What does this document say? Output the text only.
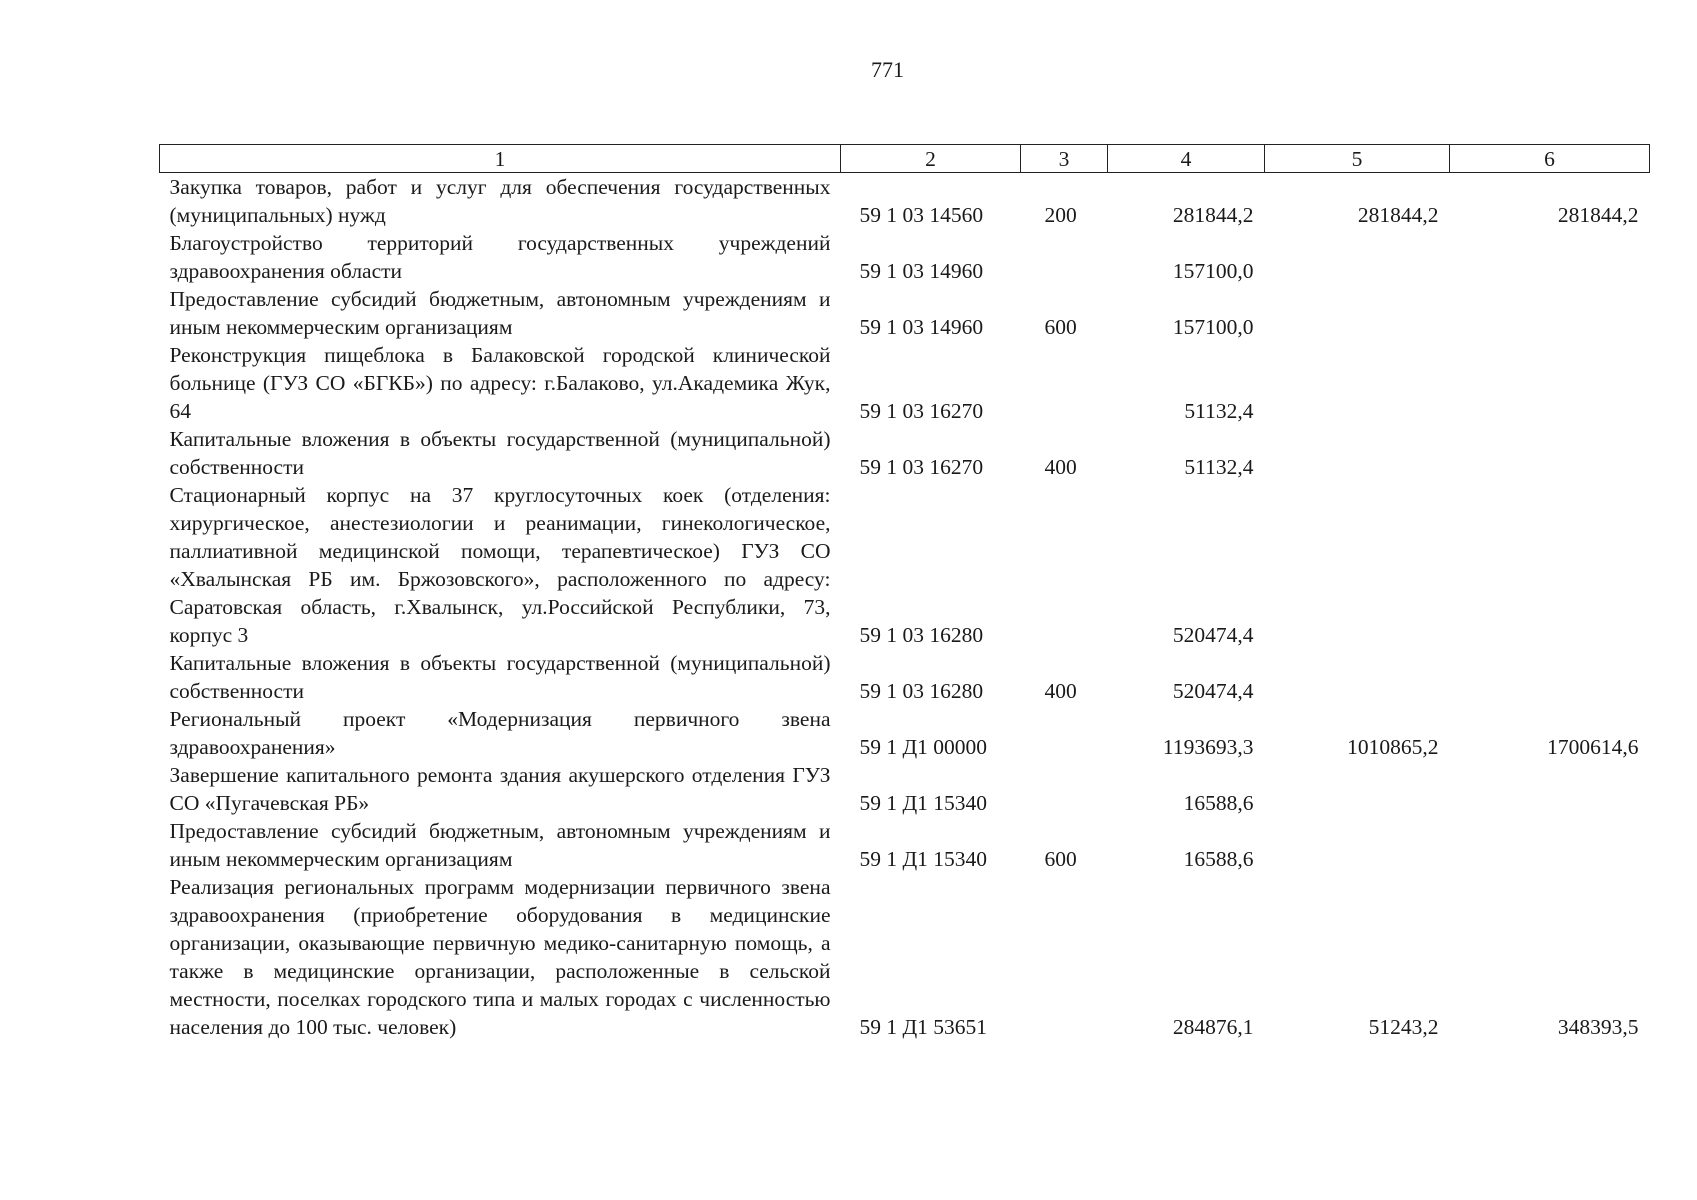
771
1	2	3	4	5	6
Закупка товаров, работ и услуг для обеспечения государственных (муниципальных) нужд	59 1 03 14560	200	281844,2	281844,2	281844,2
Благоустройство территорий государственных учреждений здравоохранения области	59 1 03 14960		157100,0		
Предоставление субсидий бюджетным, автономным учреждениям и иным некоммерческим организациям	59 1 03 14960	600	157100,0		
Реконструкция пищеблока в Балаковской городской клинической больнице (ГУЗ СО «БГКБ») по адресу: г.Балаково, ул.Академика Жук, 64	59 1 03 16270		51132,4		
Капитальные вложения в объекты государственной (муниципальной) собственности	59 1 03 16270	400	51132,4		
Стационарный корпус на 37 круглосуточных коек (отделения: хирургическое, анестезиологии и реанимации, гинекологическое, паллиативной медицинской помощи, терапевтическое) ГУЗ СО «Хвалынская РБ им. Бржозовского», расположенного по адресу: Саратовская область, г.Хвалынск, ул.Российской Республики, 73, корпус 3	59 1 03 16280		520474,4		
Капитальные вложения в объекты государственной (муниципальной) собственности	59 1 03 16280	400	520474,4		
Региональный проект «Модернизация первичного звена здравоохранения»	59 1 Д1 00000		1193693,3	1010865,2	1700614,6
Завершение капитального ремонта здания акушерского отделения ГУЗ СО «Пугачевская РБ»	59 1 Д1 15340		16588,6		
Предоставление субсидий бюджетным, автономным учреждениям и иным некоммерческим организациям	59 1 Д1 15340	600	16588,6		
Реализация региональных программ модернизации первичного звена здравоохранения (приобретение оборудования в медицинские организации, оказывающие первичную медико-санитарную помощь, а также в медицинские организации, расположенные в сельской местности, поселках городского типа и малых городах с численностью населения до 100 тыс. человек)	59 1 Д1 53651		284876,1	51243,2	348393,5
